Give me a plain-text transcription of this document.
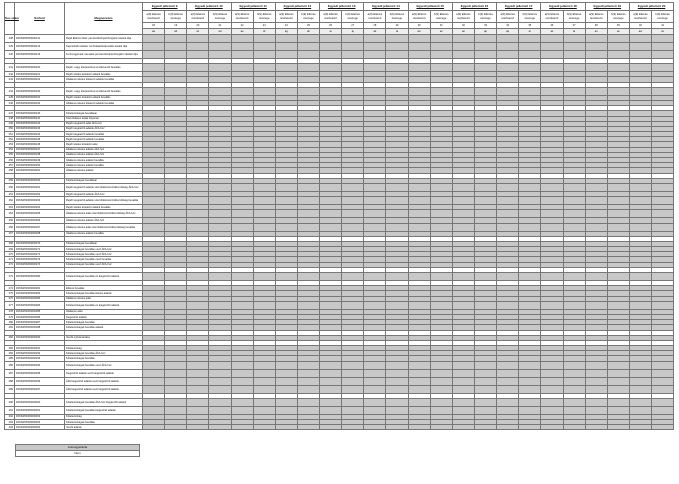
Sor-szám	Sorkód	Megnevezés	Egyedi jellemző 9		Egyedi jellemző 10		Egyedi jellemző 11		Egyedi jellemző 12		Egyedi jellemző 13		Egyedi jellemző 14		Egyedi jellemző 15		Egyedi jellemző 16		Egyedi jellemző 17		Egyedi jellemző 18		Egyedi jellemző 19		Egyedi jellemző 20	
			a(9) Eltérés részletező	b(9) Eltérés összege	a(9) Eltérés részletező	b(9) Eltérés összege	a(9) Eltérés részletező	b(9) Eltérés összege	a(9) Eltérés részletező	b(9) Eltérés összege	a(9) Eltérés részletező	b(9) Eltérés összege	a(9) Eltérés részletező	b(9) Eltérés összege	a(9) Eltérés részletező	b(9) Eltérés összege	a(9) Eltérés részletező	b(9) Eltérés összege	a(9) Eltérés részletező	b(9) Eltérés összege	a(9) Eltérés részletező	b(9) Eltérés összege	a(9) Eltérés részletező	b(9) Eltérés összege	a(9) Eltérés részletező	b(9) Eltérés összege
			18	19	20	21	22	23	24	25	26	27	28	29	30	31	32	33	34	35	36	37	38	39	40	41
			aa	ab	ac	ad	ae	af	ag	ah	ai	aj	ak	al	am	an	ao	ap	aq	ar	as	at	au	av	aw	ax
238	FROM/00009000211	Rejtő Eltérési tétel: pénzeszköz/pénzforgalmi tételek díja																								
239	FROM/00009000212	Kapcsolódó tételek: technikai/elszámolási tételek díja																								
240	FROM/00009000213	Forint-ügyletek: kamatok pénzeszköz/pénzforgalmi tételek díja																								

241	FROM/00009000220	Rejtőr -nagy kiterjesztésű vevők/vevők bevallás																								
242	FROM/00009000221	Rejtőr tételes kötelező adatok bevallás																								
243	FROM/00009000222	Általános tételes kötelező adatok bevallás																								

244	FROM/00009000230	Rejtőr -nagy kiterjesztésű vevők/vevők bevallás																								
245	FROM/00009000231	Rejtőr tételes kötelező adatok bevallás																								
246	FROM/00009000232	Általános tételes kötelező adatok bevallás																								

247	FROM/00009000240	Kötelezettségek bevallásai																								
248	FROM/00009000241	Szerződéses tartás folyamat																								
249	FROM/00009000242	Rejtőr kiegészítő adat ÁFA-hoz																								
250	FROM/00009000243	Rejtőr kiegészítő adatok ÁFA-hoz																								
251	FROM/00009000244	Rejtőr kiegészítő adatok bevallás																								
252	FROM/00009000245	Rejtőr kiegészítő adatok bevallás																								
253	FROM/00009000246	Rejtőr tételes kötelező adat																								
254	FROM/00009000247	Általános tételes adatok ÁFA-hoz																								
255	FROM/00009000248	Általános tételes adatok ÁFA-hoz																								
256	FROM/00009000249	Általános tételes adatok bevallás																								
257	FROM/00009000250	Általános tételes adatok bevallás																								
258	FROM/00009000251	Általános tételes adatok																								

259	FROM/00009000260	Kötelezettségek bevallásai																								
260	FROM/00009000261	Rejtőr kiegészítő adatok szerződés/szerződés költség ÁFA-hoz																								
261	FROM/00009000262	Rejtőr kiegészítő adatok ÁFA-hoz																								
262	FROM/00009000263	Rejtőr kiegészítő adatok szerződés/szerződés költség bevallás																								
263	FROM/00009000264	Rejtőr tételes kötelező adatok bevallás																								
264	FROM/00009000265	Általános tételes adat szerződés/szerződés költség ÁFA-hoz																								
265	FROM/00009000266	Általános tételes adatok ÁFA-hoz																								
266	FROM/00009000267	Általános tételes adat szerződés/szerződés költség bevallás																								
267	FROM/00009000268	Általános tételes adatok bevallás																								

268	FROM/00009000270	Kötelezettségek bevallásai																								
269	FROM/00009000271	Kötelezettségek bevallás vevő ÁFA-hoz																								
270	FROM/00009000272	Kötelezettségek bevallás vevő ÁFA-hoz																								
271	FROM/00009000273	Kötelezettségek bevallás vevő bevallás																								
272	FROM/00009000274	Kötelezettségek bevallás vevő ÁFA-hoz																								

273	FROM/00009000280	Kötelezettségek bevallás és kiegészítő adatok																								

274	FROM/00009000281	Eltérés bevallás																								
275	FROM/00009000282	Kötelezettségek bevallás tételes adatok																								
276	FROM/00009000283	Általános tételes adat																								
277	FROM/00009000284	Kötelezettségek bevallás és kiegészítő adatok																								
278	FROM/00009000285	Általános adat																								
279	FROM/00009000286	Kiegészítő adatok																								
280	FROM/00009000287	Kötelezettségek bevallás																								
281	FROM/00009000288	Kötelezettségek bevallás adatok																								

282	FROM/00009000290	Vevők nyilvántartása																								

283	FROM/00009000291	Kötelezettség																								
284	FROM/00009000292	Kötelezettségek bevallás ÁFA-hoz																								
285	FROM/00009000293	Kötelezettségek bevallás																								
286	FROM/00009000294	Kötelezettségek bevallás vevő ÁFA-hoz																								
287	FROM/00009000295	Kiegészítő adatok vevő kiegészítő adatok																								
288	FROM/00009000296	ÁFA kiegészítő adatok vevő kiegészítő adatok																								
289	FROM/00009000297	ÁFA kiegészítő adatok vevő kiegészítő adatok																								

290	FROM/00009000300	Kötelezettségek bevallás ÁFA-hoz kiegészítő adatok																								
291	FROM/00009000301	Kötelezettségek bevallás kiegészítő adatok																								
292	FROM/00009000302	Kötelezettség																								
293	FROM/00009000303	Kötelezettségek bevallás																								
294	FROM/00009000304	Vevők adatok																								
Jelmagyarázat
Nem
